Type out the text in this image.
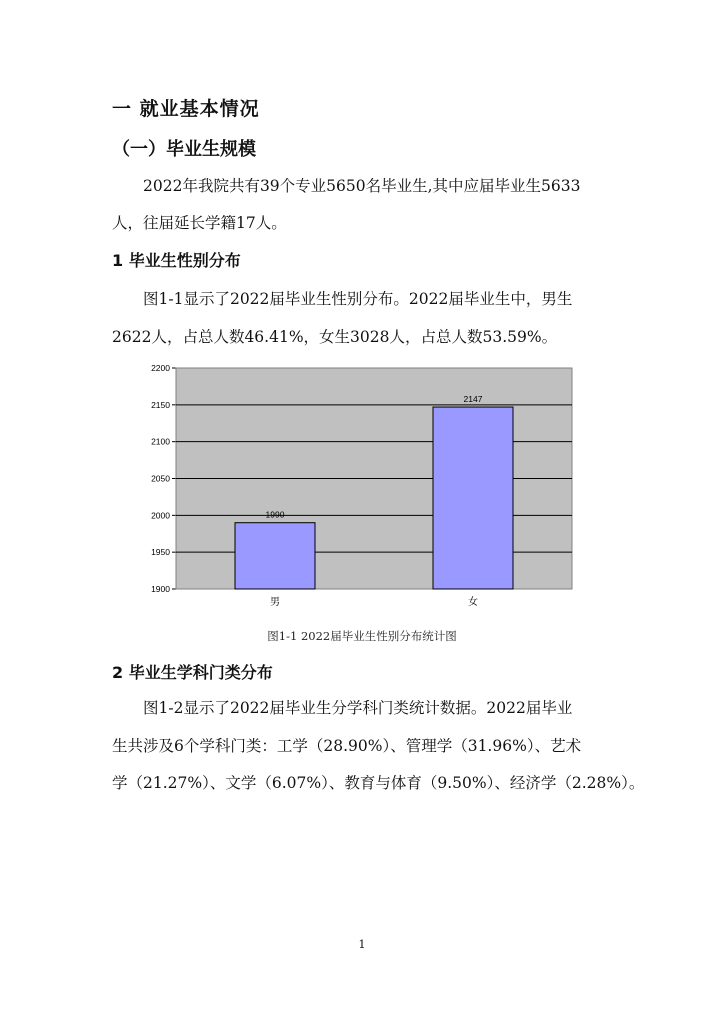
一 就业基本情况
（一）毕业生规模
2022年我院共有39个专业5650名毕业生,其中应届毕业生5633
人，往届延长学籍17人。
1 毕业生性别分布
图1-1显示了2022届毕业生性别分布。2022届毕业生中，男生
2622人，占总人数46.41%，女生3028人，占总人数53.59%。
2200
2150
2100
2050
2000
1950
1900
1990
2147
男	女
图1-1 2022届毕业生性别分布统计图
2 毕业生学科门类分布
图1-2显示了2022届毕业生分学科门类统计数据。2022届毕业
生共涉及6个学科门类：工学（28.90%）、管理学（31.96%）、艺术
学（21.27%）、文学（6.07%）、教育与体育（9.50%）、经济学（2.28%）。
1
